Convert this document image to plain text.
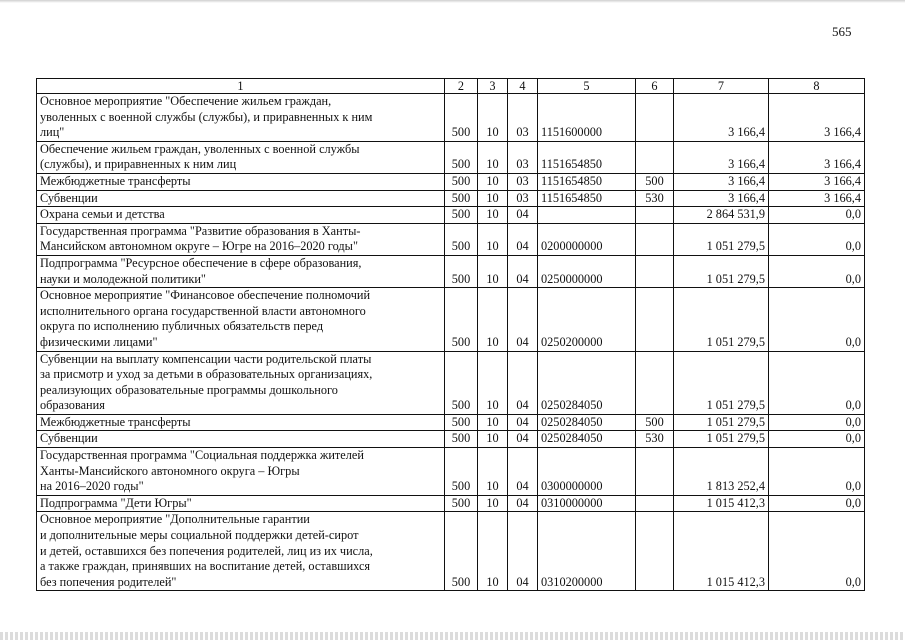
565
1	2	3	4	5	6	7	8
Основное мероприятие "Обеспечение жильем граждан,
уволенных с военной службы (службы), и приравненных к ним
лиц"	500	10	03	1151600000		3 166,4	3 166,4
Обеспечение жильем граждан, уволенных с военной службы
(службы), и приравненных к ним лиц	500	10	03	1151654850		3 166,4	3 166,4
Межбюджетные трансферты	500	10	03	1151654850	500	3 166,4	3 166,4
Субвенции	500	10	03	1151654850	530	3 166,4	3 166,4
Охрана семьи и детства	500	10	04			2 864 531,9	0,0
Государственная программа "Развитие образования в Ханты-
Мансийском автономном округе – Югре на 2016–2020 годы"	500	10	04	0200000000		1 051 279,5	0,0
Подпрограмма "Ресурсное обеспечение в сфере образования,
науки и молодежной политики"	500	10	04	0250000000		1 051 279,5	0,0
Основное мероприятие "Финансовое обеспечение полномочий
исполнительного органа государственной власти автономного
округа по исполнению публичных обязательств перед
физическими лицами"	500	10	04	0250200000		1 051 279,5	0,0
Субвенции на выплату компенсации части родительской платы
за присмотр и уход за детьми в образовательных организациях,
реализующих образовательные программы дошкольного
образования	500	10	04	0250284050		1 051 279,5	0,0
Межбюджетные трансферты	500	10	04	0250284050	500	1 051 279,5	0,0
Субвенции	500	10	04	0250284050	530	1 051 279,5	0,0
Государственная программа "Социальная поддержка жителей
Ханты-Мансийского автономного округа – Югры
на 2016–2020 годы"	500	10	04	0300000000		1 813 252,4	0,0
Подпрограмма "Дети Югры"	500	10	04	0310000000		1 015 412,3	0,0
Основное мероприятие "Дополнительные гарантии
и дополнительные меры социальной поддержки детей-сирот
и детей, оставшихся без попечения родителей, лиц из их числа,
а также граждан, принявших на воспитание детей, оставшихся
без попечения родителей"	500	10	04	0310200000		1 015 412,3	0,0
